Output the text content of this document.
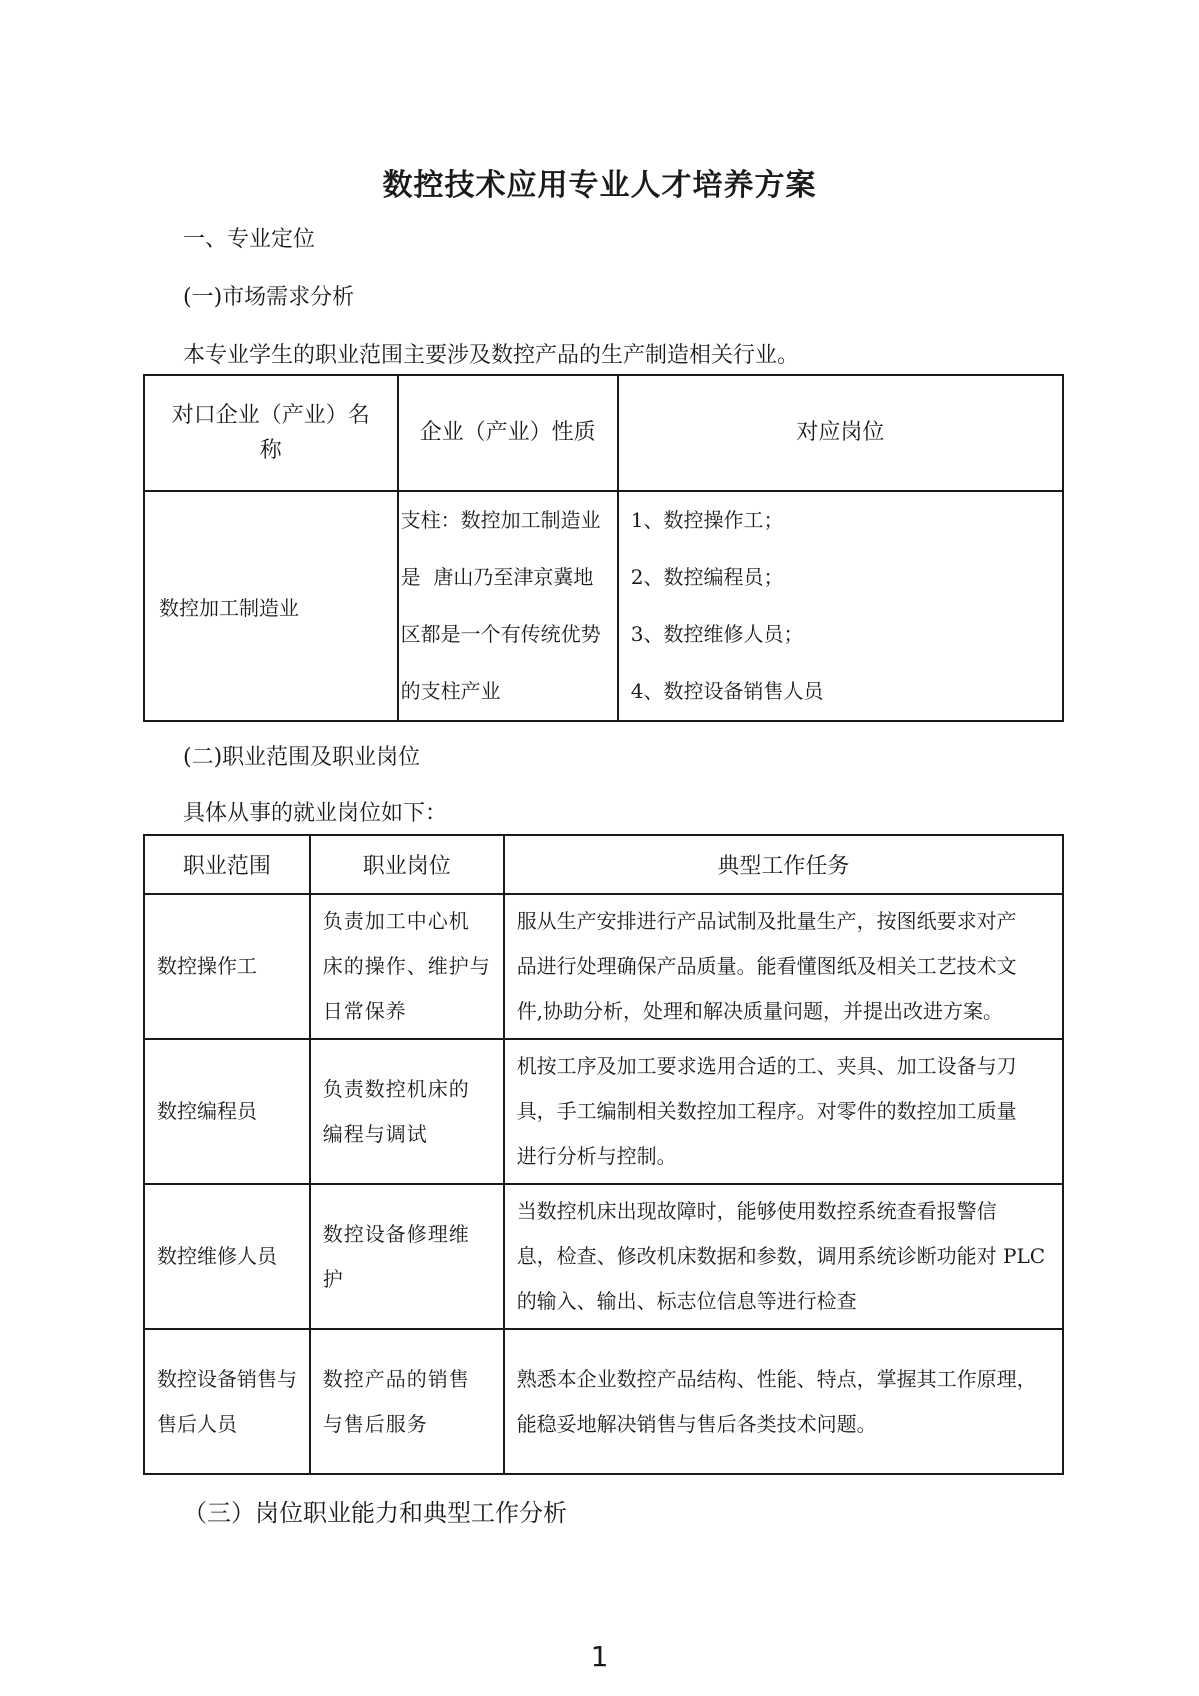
数控技术应用专业人才培养方案
一、专业定位
(一)市场需求分析
本专业学生的职业范围主要涉及数控产品的生产制造相关行业。
对口企业（产业）名
称	企业（产业）性质	对应岗位
数控加工制造业	支柱：数控加工制造业
是  唐山乃至津京冀地
区都是一个有传统优势
的支柱产业	1、数控操作工；
2、数控编程员；
3、数控维修人员；
4、数控设备销售人员
(二)职业范围及职业岗位
具体从事的就业岗位如下：
职业范围	职业岗位	典型工作任务

数控操作工	负责加工中心机
床的操作、维护与
日常保养	服从生产安排进行产品试制及批量生产，按图纸要求对产
品进行处理确保产品质量。能看懂图纸及相关工艺技术文
件,协助分析，处理和解决质量问题，并提出改进方案。

数控编程员	负责数控机床的
编程与调试	机按工序及加工要求选用合适的工、夹具、加工设备与刀
具，手工编制相关数控加工程序。对零件的数控加工质量
进行分析与控制。

数控维修人员	数控设备修理维
护	当数控机床出现故障时，能够使用数控系统查看报警信
息，检查、修改机床数据和参数，调用系统诊断功能对 PLC
的输入、输出、标志位信息等进行检查

数控设备销售与
售后人员	数控产品的销售
与售后服务	熟悉本企业数控产品结构、性能、特点，掌握其工作原理，
能稳妥地解决销售与售后各类技术问题。
（三）岗位职业能力和典型工作分析
1
